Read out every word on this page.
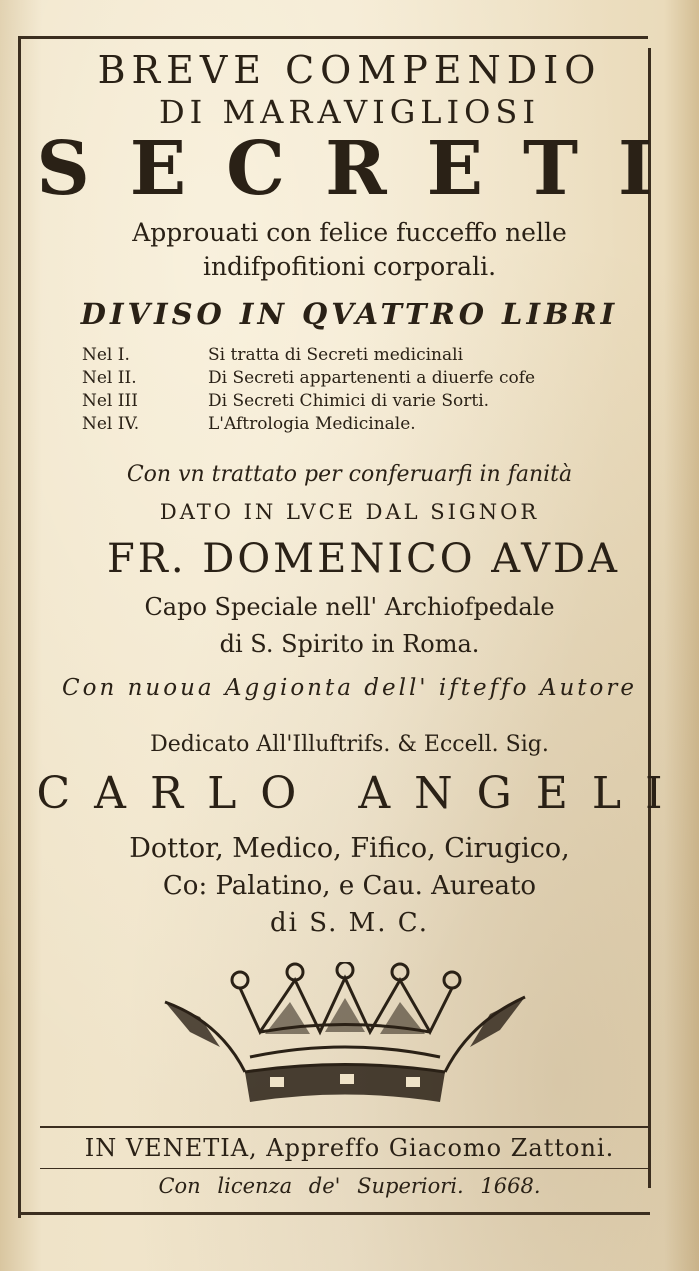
BREVE COMPENDIO
DI MARAVIGLIOSI
SECRETI
Approuati con felice fucceffo nelle
indifpofitioni corporali.
DIVISO IN QVATTRO LIBRI
Nel I.	Si tratta di Secreti medicinali
Nel II.	Di Secreti appartenenti a diuerfe cofe
Nel III	Di Secreti Chimici di varie Sorti.
Nel IV.	L'Aftrologia Medicinale.
Con vn trattato per conferuarfi in fanità
DATO IN LVCE DAL SIGNOR
FR. DOMENICO AVDA
Capo Speciale nell' Archiofpedale
di S. Spirito in Roma.
Con nuoua Aggionta dell' ifteffo Autore
Dedicato All'Illuftrifs. & Eccell. Sig.
CARLO ANGELI
Dottor, Medico, Fifico, Cirugico,
Co: Palatino, e Cau. Aureato
di S. M. C.
IN VENETIA, Appreffo Giacomo Zattoni.
Con licenza de' Superiori. 1668.
